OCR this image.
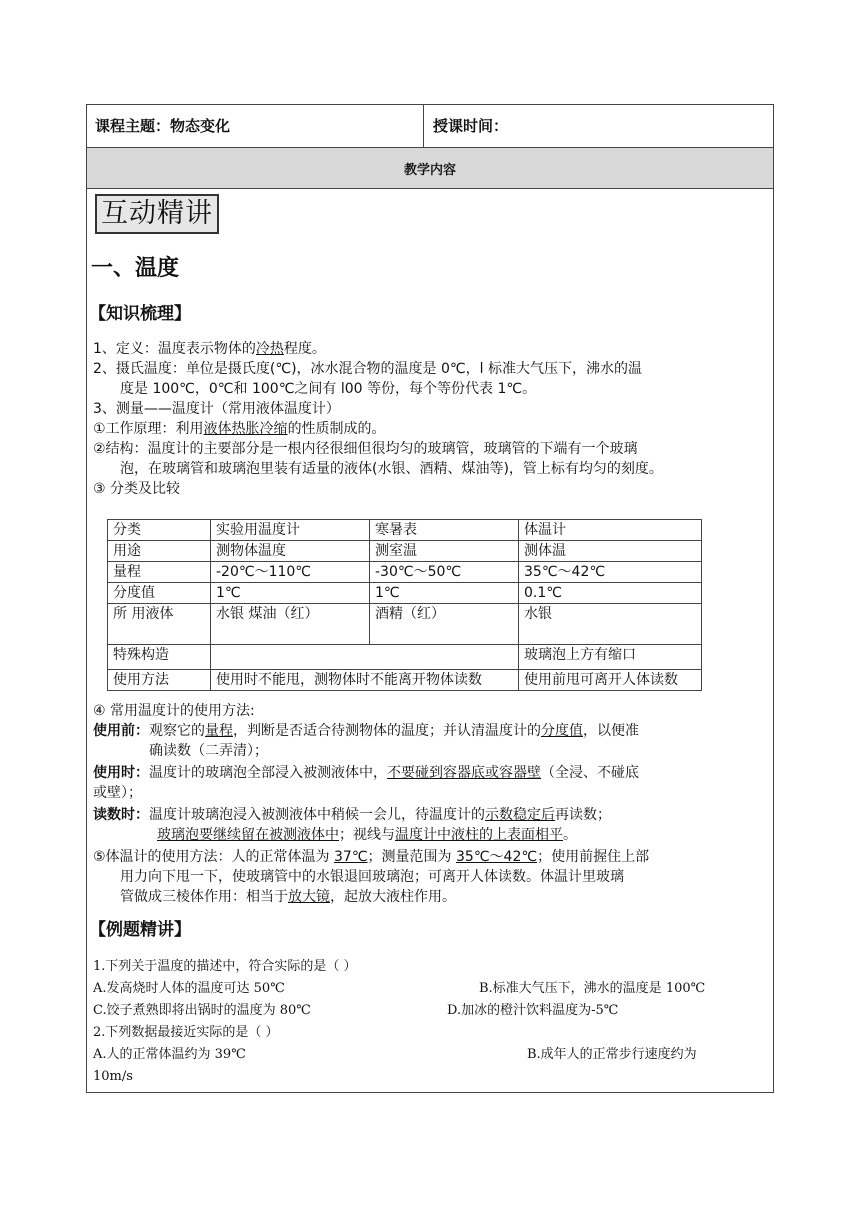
课程主题：物态变化	授课时间：
教学内容
互动精讲
一、温度
【知识梳理】
1、定义：温度表示物体的冷热程度。
2、摄氏温度：单位是摄氏度(℃)，冰水混合物的温度是 0℃，l 标准大气压下，沸水的温
度是 100℃，0℃和 100℃之间有 l00 等份，每个等份代表 1℃。
3、测量——温度计（常用液体温度计）
①工作原理：利用液体热胀冷缩的性质制成的。
②结构：温度计的主要部分是一根内径很细但很均匀的玻璃管，玻璃管的下端有一个玻璃
泡，在玻璃管和玻璃泡里装有适量的液体(水银、酒精、煤油等)，管上标有均匀的刻度。
③ 分类及比较
分类	实验用温度计	寒暑表	体温计
用途	测物体温度	测室温	测体温
量程	-20℃～110℃	-30℃～50℃	35℃～42℃
分度值	1℃	1℃	0.1℃
所 用液体	水银 煤油（红）	酒精（红）	水银
特殊构造			玻璃泡上方有缩口
使用方法	使用时不能甩，测物体时不能离开物体读数		使用前甩可离开人体读数
④ 常用温度计的使用方法:
使用前：观察它的量程，判断是否适合待测物体的温度；并认清温度计的分度值，以便准
确读数（二弄清）；
使用时：温度计的玻璃泡全部浸入被测液体中，不要碰到容器底或容器壁（全浸、不碰底
或壁）；
读数时：温度计玻璃泡浸入被测液体中稍候一会儿，待温度计的示数稳定后再读数；
玻璃泡要继续留在被测液体中；视线与温度计中液柱的上表面相平。
⑤体温计的使用方法：人的正常体温为 37℃；测量范围为 35℃～42℃；使用前握住上部
用力向下甩一下，使玻璃管中的水银退回玻璃泡；可离开人体读数。体温计里玻璃
管做成三棱体作用：相当于放大镜，起放大液柱作用。
【例题精讲】
1.下列关于温度的描述中，符合实际的是（ ）
A.发高烧时人体的温度可达 50℃	B.标准大气压下，沸水的温度是 100℃
C.饺子煮熟即将出锅时的温度为 80℃	D.加冰的橙汁饮料温度为-5℃
2.下列数据最接近实际的是（ ）
A.人的正常体温约为 39℃	B.成年人的正常步行速度约为
10m/s
